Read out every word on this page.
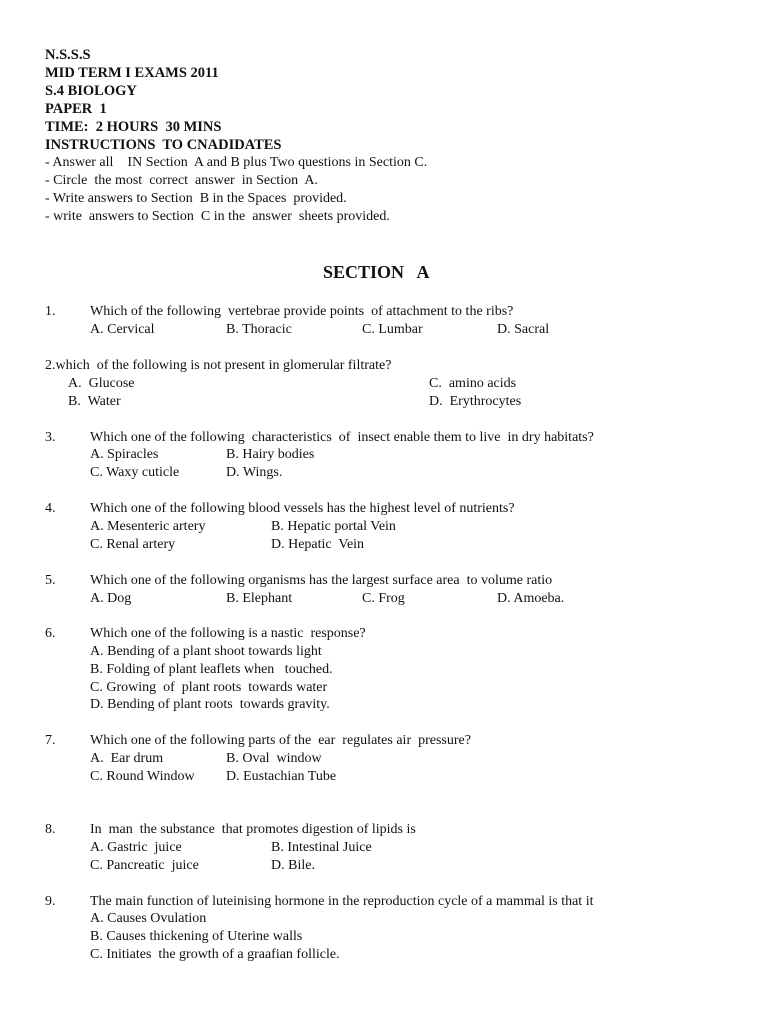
N.S.S.S
MID TERM I EXAMS 2011
S.4 BIOLOGY
PAPER  1
TIME:  2 HOURS  30 MINS
INSTRUCTIONS  TO CNADIDATES
- Answer all    IN Section  A and B plus Two questions in Section C.
- Circle  the most  correct  answer  in Section  A.
- Write answers to Section  B in the Spaces  provided.
- write  answers to Section  C in the  answer  sheets provided.
SECTION   A
1. Which of the following  vertebrae provide points  of attachment to the ribs?
A. Cervical	B. Thoracic	C. Lumbar	D. Sacral
2.which  of the following is not present in glomerular filtrate?
A.  Glucose	C.  amino acids
B.  Water	D.  Erythrocytes
3. Which one of the following  characteristics  of  insect enable them to live  in dry habitats?
A. Spiracles	B. Hairy bodies
C. Waxy cuticle	D. Wings.
4. Which one of the following blood vessels has the highest level of nutrients?
A. Mesenteric artery	B. Hepatic portal Vein
C. Renal artery	D. Hepatic  Vein
5. Which one of the following organisms has the largest surface area  to volume ratio
A. Dog	B. Elephant	C. Frog	D. Amoeba.
6. Which one of the following is a nastic  response?
A. Bending of a plant shoot towards light
B. Folding of plant leaflets when   touched.
C. Growing  of  plant roots  towards water
D. Bending of plant roots  towards gravity.
7. Which one of the following parts of the  ear  regulates air  pressure?
A.  Ear drum	B. Oval  window
C. Round Window D. Eustachian Tube
8. In  man  the substance  that promotes digestion of lipids is
A. Gastric  juice	B. Intestinal Juice
C. Pancreatic  juice	D. Bile.
9. The main function of luteinising hormone in the reproduction cycle of a mammal is that it
A. Causes Ovulation
B. Causes thickening of Uterine walls
C. Initiates  the growth of a graafian follicle.
